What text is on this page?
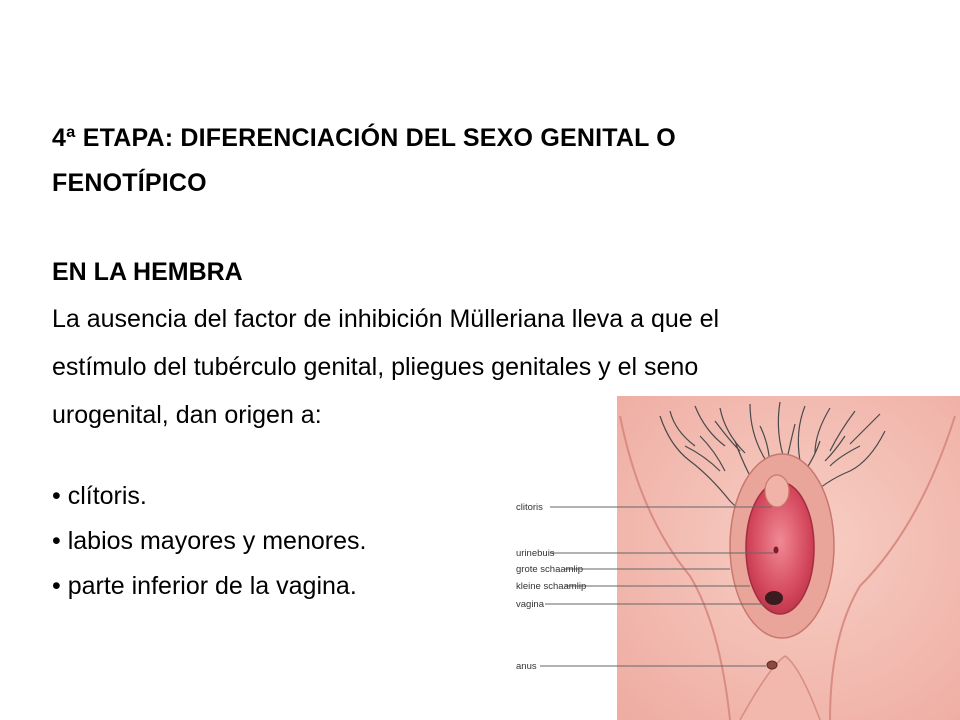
4ª ETAPA: DIFERENCIACIÓN DEL SEXO GENITAL O
FENOTÍPICO
EN LA HEMBRA
La ausencia del factor de inhibición Mülleriana lleva a que el
estímulo del tubérculo genital, pliegues genitales y el seno
urogenital, dan origen a:
• clítoris.
• labios mayores y menores.
• parte inferior de la vagina.
clitoris
urinebuis
grote schaamlip
kleine schaamlip
vagina
anus
